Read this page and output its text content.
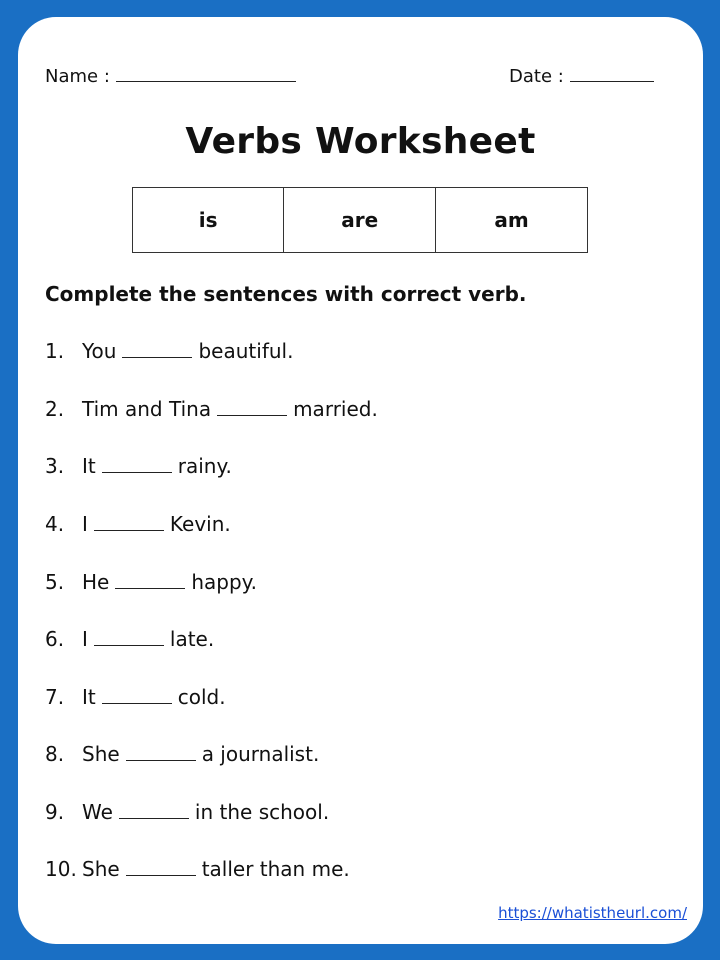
Name :	Date :
Verbs Worksheet
is	are	am
Complete the sentences with correct verb.
1. You	beautiful.
2. Tim and Tina	married.
3. It	rainy.
4. I	Kevin.
5. He	happy.
6. I	late.
7. It	cold.
8. She	a journalist.
9. We	in the school.
10. She	taller than me.
https://whatistheurl.com/
